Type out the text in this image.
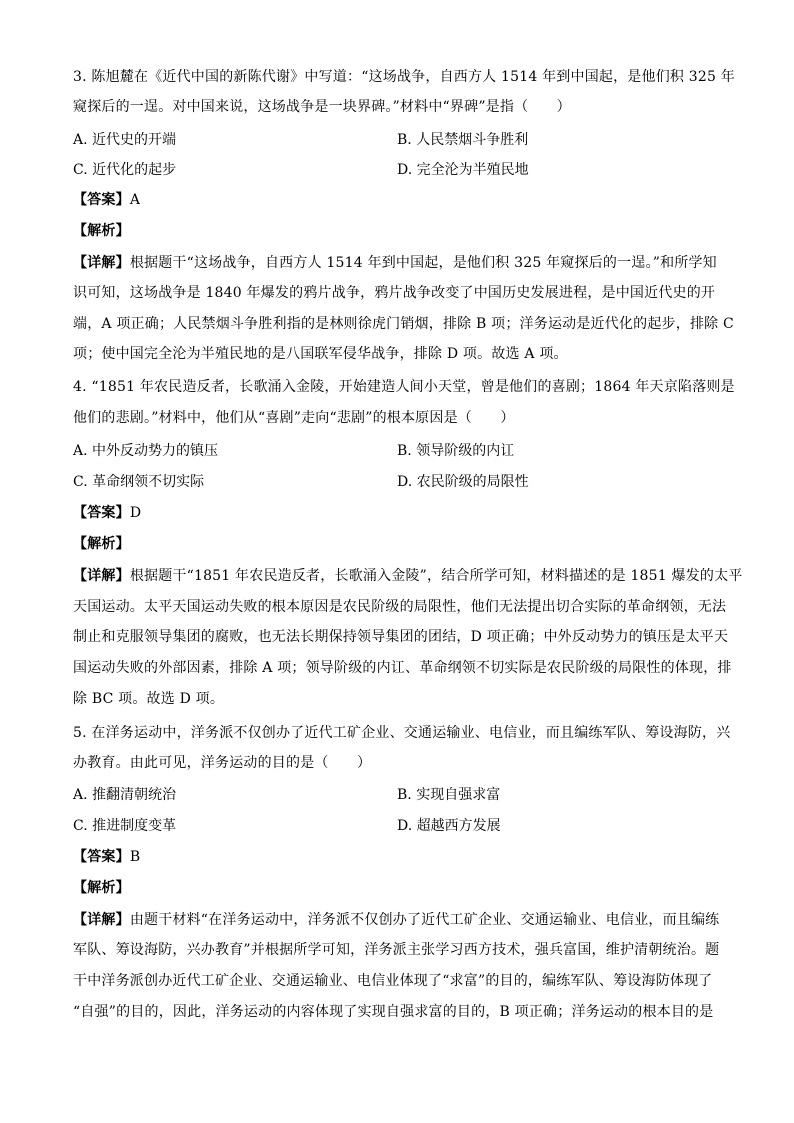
3. 陈旭麓在《近代中国的新陈代谢》中写道：“这场战争，自西方人 1514 年到中国起，是他们积 325 年
窥探后的一逞。对中国来说，这场战争是一块界碑。”材料中“界碑”是指（　　）
A. 近代史的开端	B. 人民禁烟斗争胜利
C. 近代化的起步	D. 完全沦为半殖民地
【答案】A
【解析】
【详解】根据题干“这场战争，自西方人 1514 年到中国起，是他们积 325 年窥探后的一逞。”和所学知
识可知，这场战争是 1840 年爆发的鸦片战争，鸦片战争改变了中国历史发展进程，是中国近代史的开
端，A 项正确；人民禁烟斗争胜利指的是林则徐虎门销烟，排除 B 项；洋务运动是近代化的起步，排除 C
项；使中国完全沦为半殖民地的是八国联军侵华战争，排除 D 项。故选 A 项。
4. “1851 年农民造反者，长歌涌入金陵，开始建造人间小天堂，曾是他们的喜剧；1864 年天京陷落则是
他们的悲剧。”材料中，他们从“喜剧”走向“悲剧”的根本原因是（　　）
A. 中外反动势力的镇压	B. 领导阶级的内讧
C. 革命纲领不切实际	D. 农民阶级的局限性
【答案】D
【解析】
【详解】根据题干“1851 年农民造反者，长歌涌入金陵”，结合所学可知，材料描述的是 1851 爆发的太平
天国运动。太平天国运动失败的根本原因是农民阶级的局限性，他们无法提出切合实际的革命纲领，无法
制止和克服领导集团的腐败，也无法长期保持领导集团的团结，D 项正确；中外反动势力的镇压是太平天
国运动失败的外部因素，排除 A 项；领导阶级的内讧、革命纲领不切实际是农民阶级的局限性的体现，排
除 BC 项。故选 D 项。
5. 在洋务运动中，洋务派不仅创办了近代工矿企业、交通运输业、电信业，而且编练军队、筹设海防，兴
办教育。由此可见，洋务运动的目的是（　　）
A. 推翻清朝统治	B. 实现自强求富
C. 推进制度变革	D. 超越西方发展
【答案】B
【解析】
【详解】由题干材料“在洋务运动中，洋务派不仅创办了近代工矿企业、交通运输业、电信业，而且编练
军队、筹设海防，兴办教育”并根据所学可知，洋务派主张学习西方技术，强兵富国，维护清朝统治。题
干中洋务派创办近代工矿企业、交通运输业、电信业体现了“求富”的目的，编练军队、筹设海防体现了
“自强”的目的，因此，洋务运动的内容体现了实现自强求富的目的，B 项正确；洋务运动的根本目的是
